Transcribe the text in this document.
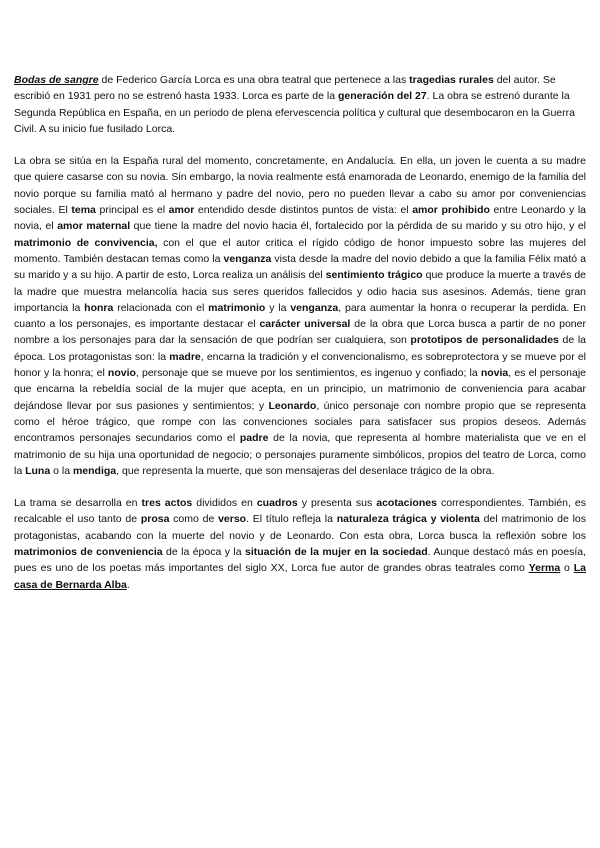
Bodas de sangre de Federico García Lorca es una obra teatral que pertenece a las tragedias rurales del autor. Se escribió en 1931 pero no se estrenó hasta 1933. Lorca es parte de la generación del 27. La obra se estrenó durante la Segunda República en España, en un periodo de plena efervescencia política y cultural que desembocaron en la Guerra Civil. A su inicio fue fusilado Lorca.

La obra se sitúa en la España rural del momento, concretamente, en Andalucía. En ella, un joven le cuenta a su madre que quiere casarse con su novia. Sin embargo, la novia realmente está enamorada de Leonardo, enemigo de la familia del novio porque su familia mató al hermano y padre del novio, pero no pueden llevar a cabo su amor por conveniencias sociales. El tema principal es el amor entendido desde distintos puntos de vista: el amor prohibido entre Leonardo y la novia, el amor maternal que tiene la madre del novio hacia él, fortalecido por la pérdida de su marido y su otro hijo, y el matrimonio de convivencia, con el que el autor critica el rígido código de honor impuesto sobre las mujeres del momento. También destacan temas como la venganza vista desde la madre del novio debido a que la familia Félix mató a su marido y a su hijo. A partir de esto, Lorca realiza un análisis del sentimiento trágico que produce la muerte a través de la madre que muestra melancolía hacia sus seres queridos fallecidos y odio hacia sus asesinos. Además, tiene gran importancia la honra relacionada con el matrimonio y la venganza, para aumentar la honra o recuperar la perdida. En cuanto a los personajes, es importante destacar el carácter universal de la obra que Lorca busca a partir de no poner nombre a los personajes para dar la sensación de que podrían ser cualquiera, son prototipos de personalidades de la época. Los protagonistas son: la madre, encarna la tradición y el convencionalismo, es sobreprotectora y se mueve por el honor y la honra; el novio, personaje que se mueve por los sentimientos, es ingenuo y confiado; la novia, es el personaje que encarna la rebeldía social de la mujer que acepta, en un principio, un matrimonio de conveniencia para acabar dejándose llevar por sus pasiones y sentimientos; y Leonardo, único personaje con nombre propio que se representa como el héroe trágico, que rompe con las convenciones sociales para satisfacer sus propios deseos. Además encontramos personajes secundarios como el padre de la novia, que representa al hombre materialista que ve en el matrimonio de su hija una oportunidad de negocio; o personajes puramente simbólicos, propios del teatro de Lorca, como la Luna o la mendiga, que representa la muerte, que son mensajeras del desenlace trágico de la obra.

La trama se desarrolla en tres actos divididos en cuadros y presenta sus acotaciones correspondientes. También, es recalcable el uso tanto de prosa como de verso. El título refleja la naturaleza trágica y violenta del matrimonio de los protagonistas, acabando con la muerte del novio y de Leonardo. Con esta obra, Lorca busca la reflexión sobre los matrimonios de conveniencia de la época y la situación de la mujer en la sociedad. Aunque destacó más en poesía, pues es uno de los poetas más importantes del siglo XX, Lorca fue autor de grandes obras teatrales como Yerma o La casa de Bernarda Alba.
